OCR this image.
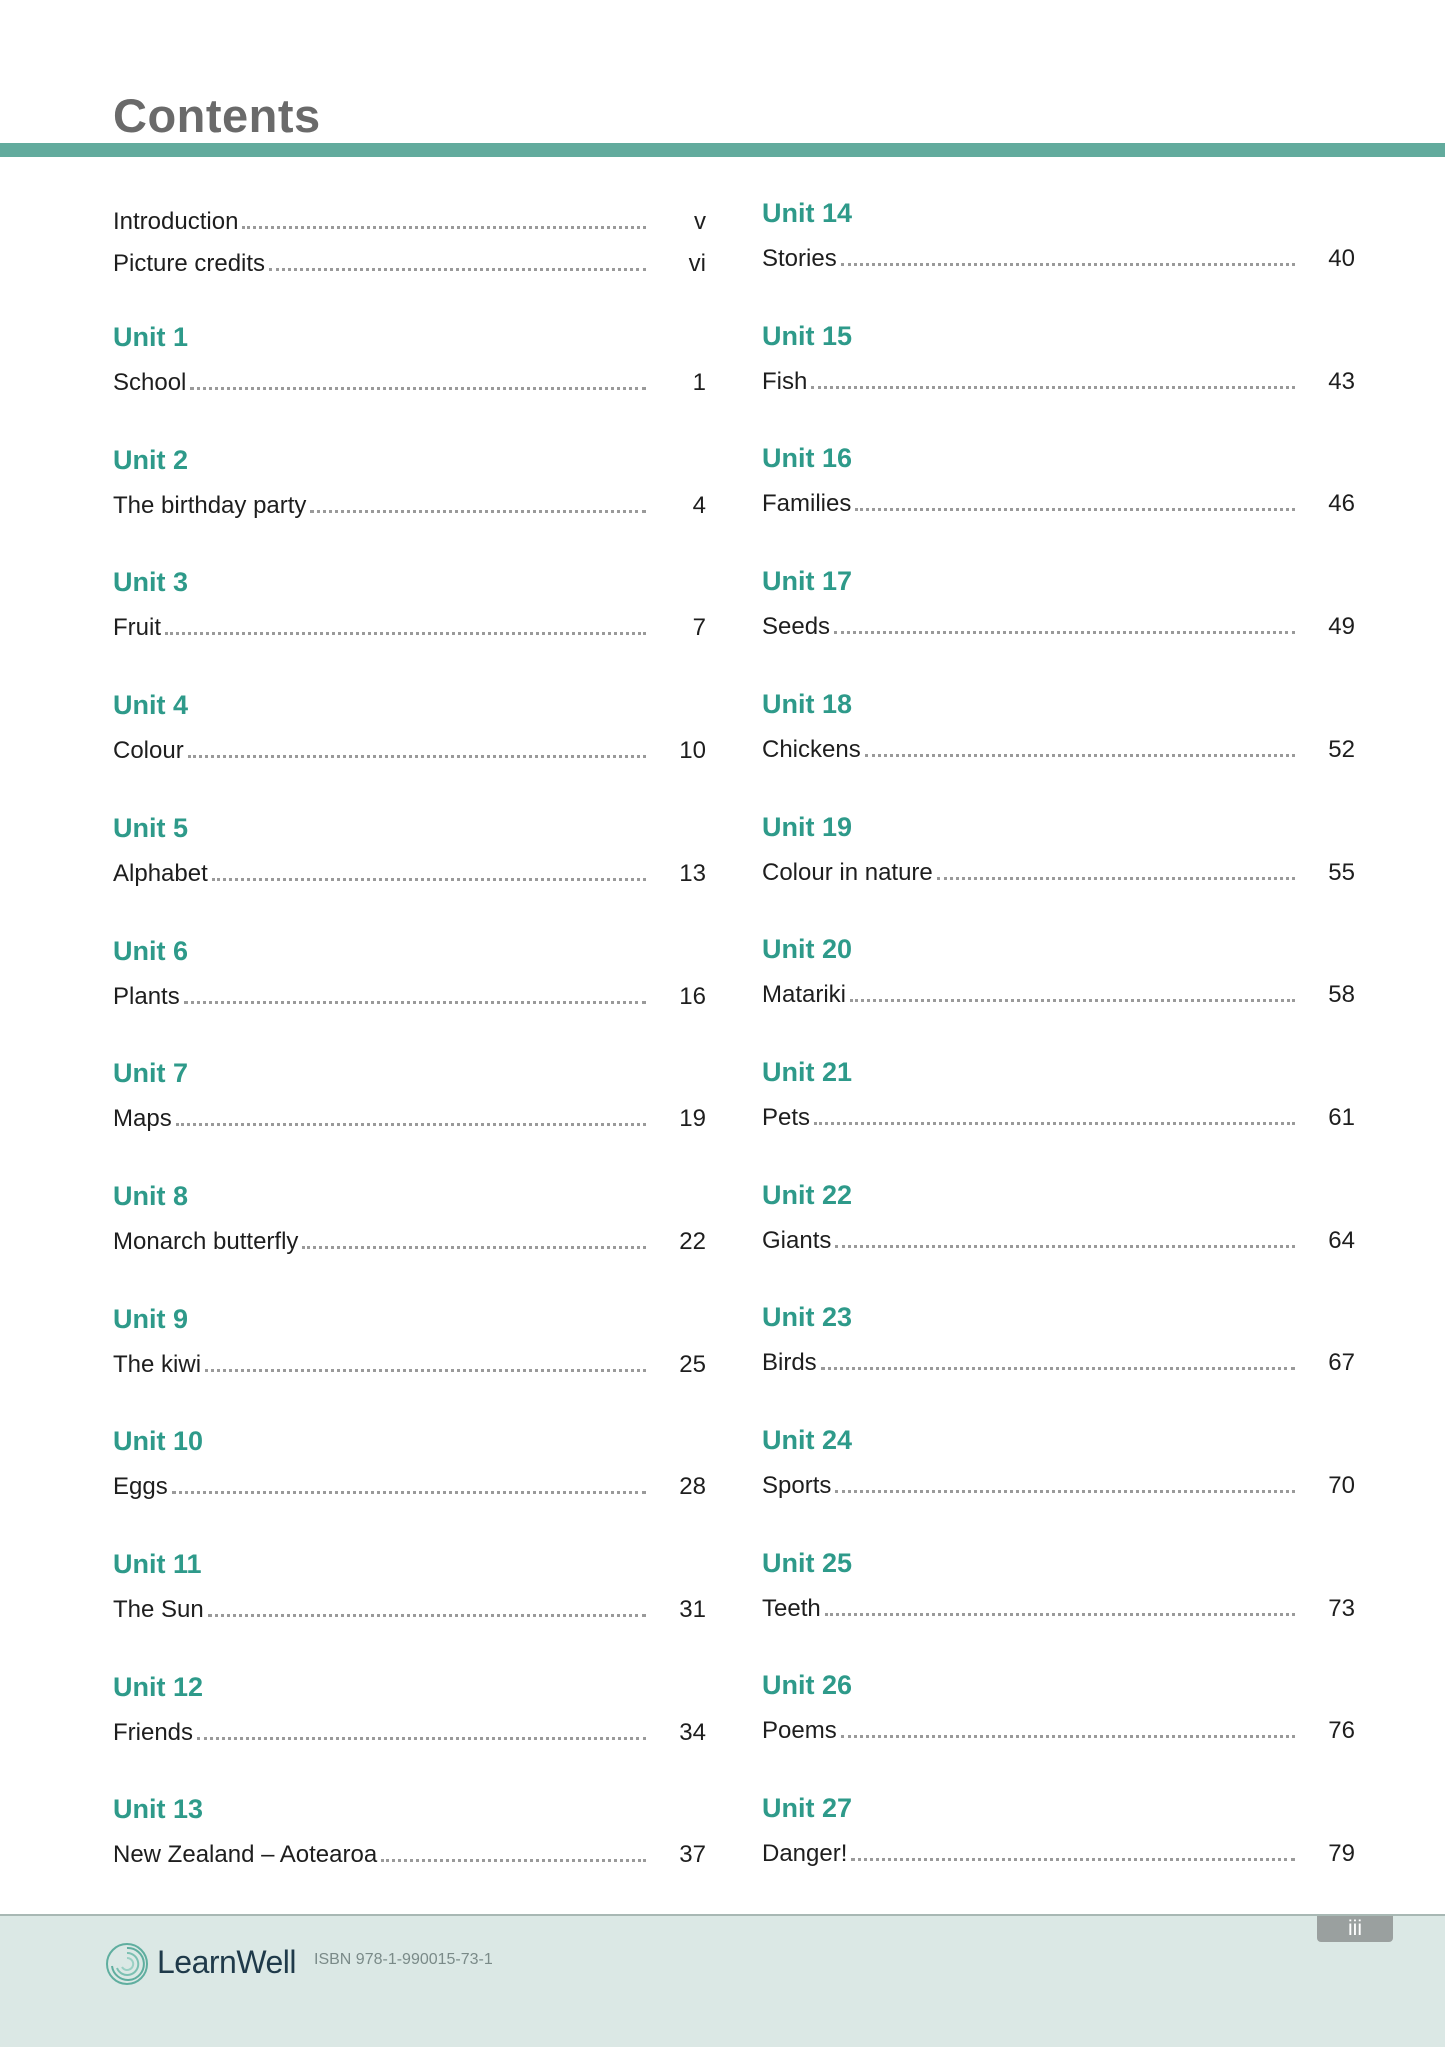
Contents
Introduction	v
Picture credits	vi
Unit 1
School	1
Unit 2
The birthday party	4
Unit 3
Fruit	7
Unit 4
Colour	10
Unit 5
Alphabet	13
Unit 6
Plants	16
Unit 7
Maps	19
Unit 8
Monarch butterfly	22
Unit 9
The kiwi	25
Unit 10
Eggs	28
Unit 11
The Sun	31
Unit 12
Friends	34
Unit 13
New Zealand – Aotearoa	37
Unit 14
Stories	40
Unit 15
Fish	43
Unit 16
Families	46
Unit 17
Seeds	49
Unit 18
Chickens	52
Unit 19
Colour in nature	55
Unit 20
Matariki	58
Unit 21
Pets	61
Unit 22
Giants	64
Unit 23
Birds	67
Unit 24
Sports	70
Unit 25
Teeth	73
Unit 26
Poems	76
Unit 27
Danger!	79
LearnWell ISBN 978-1-990015-73-1
iii
